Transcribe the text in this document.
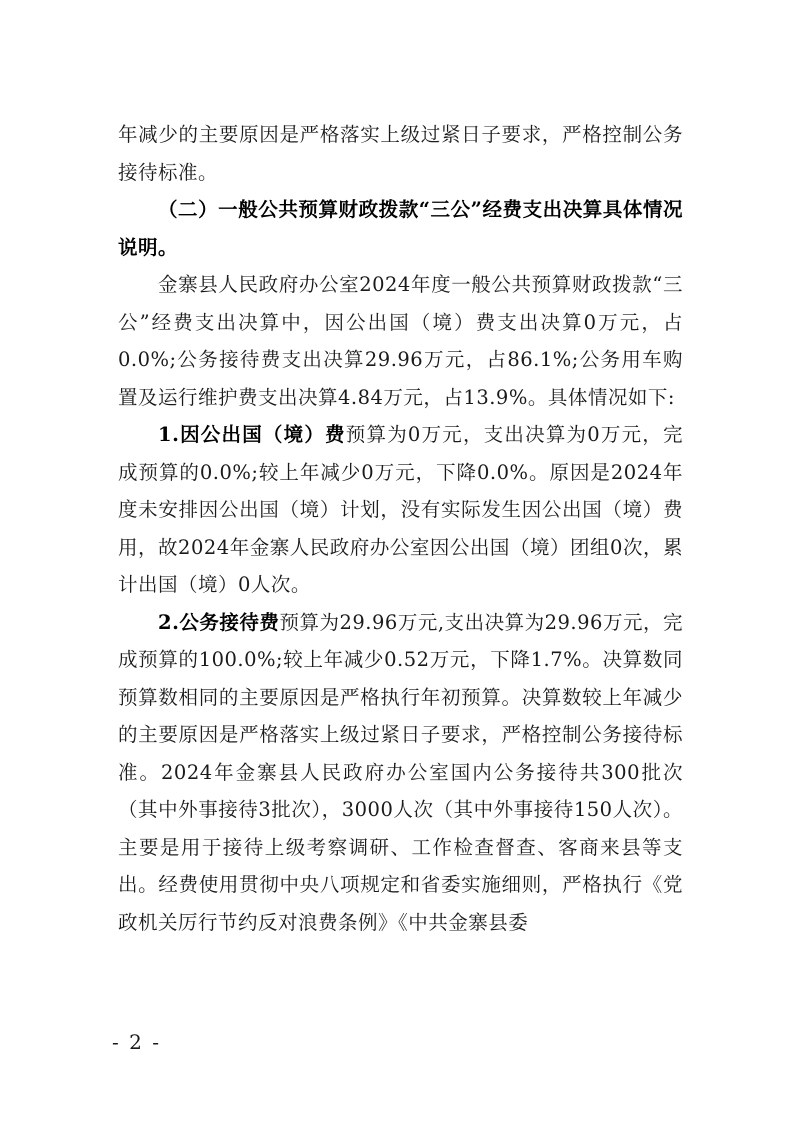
年减少的主要原因是严格落实上级过紧日子要求，严格控制公务接待标准。

（二）一般公共预算财政拨款“三公”经费支出决算具体情况说明。

金寨县人民政府办公室2024年度一般公共预算财政拨款“三公”经费支出决算中，因公出国（境）费支出决算0万元，占0.0%;公务接待费支出决算29.96万元，占86.1%;公务用车购置及运行维护费支出决算4.84万元，占13.9%。具体情况如下:

1.因公出国（境）费预算为0万元，支出决算为0万元，完成预算的0.0%;较上年减少0万元，下降0.0%。原因是2024年度未安排因公出国（境）计划，没有实际发生因公出国（境）费用，故2024年金寨人民政府办公室因公出国（境）团组0次，累计出国（境）0人次。

2.公务接待费预算为29.96万元,支出决算为29.96万元，完成预算的100.0%;较上年减少0.52万元，下降1.7%。决算数同预算数相同的主要原因是严格执行年初预算。决算数较上年减少的主要原因是严格落实上级过紧日子要求，严格控制公务接待标准。2024年金寨县人民政府办公室国内公务接待共300批次（其中外事接待3批次），3000人次（其中外事接待150人次）。主要是用于接待上级考察调研、工作检查督查、客商来县等支出。经费使用贯彻中央八项规定和省委实施细则，严格执行《党政机关厉行节约反对浪费条例》《中共金寨县委

- 2 -
